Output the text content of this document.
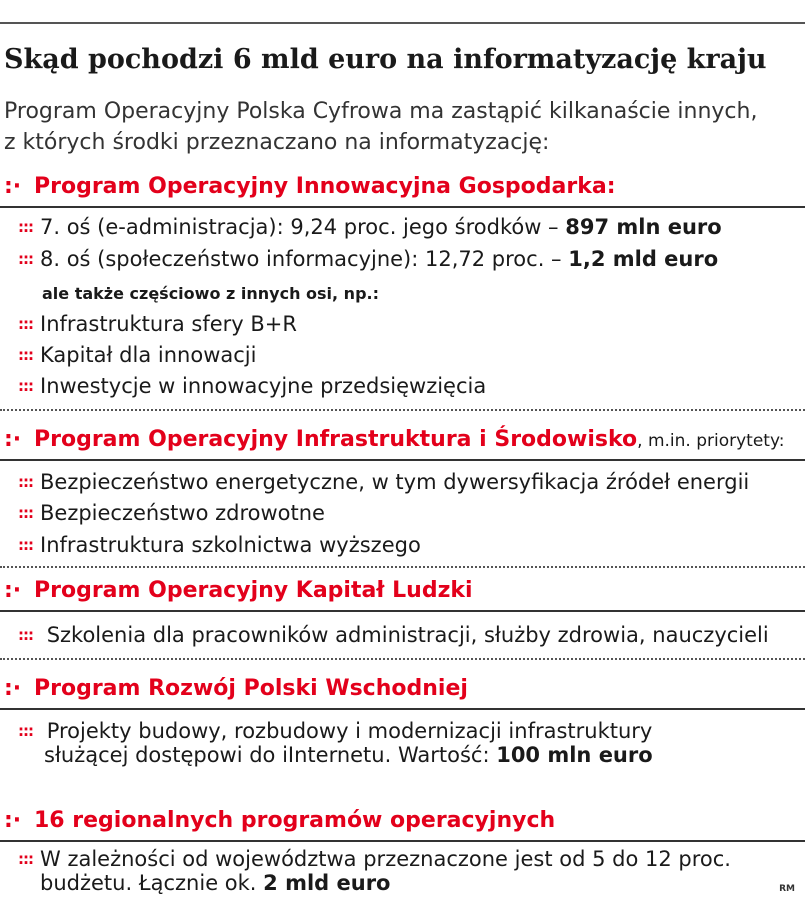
Skąd pochodzi 6 mld euro na informatyzację kraju
Program Operacyjny Polska Cyfrowa ma zastąpić kilkanaście innych,
z których środki przeznaczano na informatyzację:
:· Program Operacyjny Innowacyjna Gospodarka:
::: 7. oś (e-administracja): 9,24 proc. jego środków – 897 mln euro
::: 8. oś (społeczeństwo informacyjne): 12,72 proc. – 1,2 mld euro
ale także częściowo z innych osi, np.:
::: Infrastruktura sfery B+R
::: Kapitał dla innowacji
::: Inwestycje w innowacyjne przedsięwzięcia
:· Program Operacyjny Infrastruktura i Środowisko, m.in. priorytety:
::: Bezpieczeństwo energetyczne, w tym dywersyfikacja źródeł energii
::: Bezpieczeństwo zdrowotne
::: Infrastruktura szkolnictwa wyższego
:· Program Operacyjny Kapitał Ludzki
::: Szkolenia dla pracowników administracji, służby zdrowia, nauczycieli
:· Program Rozwój Polski Wschodniej
::: Projekty budowy, rozbudowy i modernizacji infrastruktury
służącej dostępowi do iInternetu. Wartość: 100 mln euro
:· 16 regionalnych programów operacyjnych
::: W zależności od województwa przeznaczone jest od 5 do 12 proc.
budżetu. Łącznie ok. 2 mld euro	RM
